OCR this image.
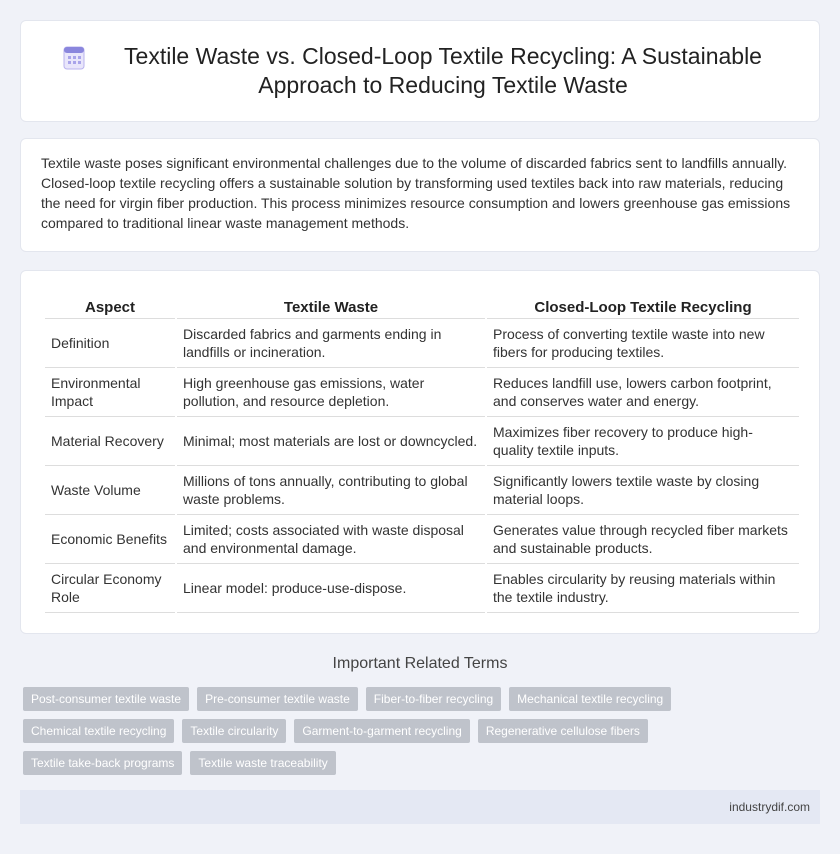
Textile Waste vs. Closed-Loop Textile Recycling: A Sustainable Approach to Reducing Textile Waste

Textile waste poses significant environmental challenges due to the volume of discarded fabrics sent to landfills annually. Closed-loop textile recycling offers a sustainable solution by transforming used textiles back into raw materials, reducing the need for virgin fiber production. This process minimizes resource consumption and lowers greenhouse gas emissions compared to traditional linear waste management methods.

Aspect	Textile Waste	Closed-Loop Textile Recycling
Definition	Discarded fabrics and garments ending in landfills or incineration.	Process of converting textile waste into new fibers for producing textiles.
Environmental Impact	High greenhouse gas emissions, water pollution, and resource depletion.	Reduces landfill use, lowers carbon footprint, and conserves water and energy.
Material Recovery	Minimal; most materials are lost or downcycled.	Maximizes fiber recovery to produce high-quality textile inputs.
Waste Volume	Millions of tons annually, contributing to global waste problems.	Significantly lowers textile waste by closing material loops.
Economic Benefits	Limited; costs associated with waste disposal and environmental damage.	Generates value through recycled fiber markets and sustainable products.
Circular Economy Role	Linear model: produce-use-dispose.	Enables circularity by reusing materials within the textile industry.
Important Related Terms
Post-consumer textile waste	Pre-consumer textile waste	Fiber-to-fiber recycling	Mechanical textile recycling
Chemical textile recycling	Textile circularity	Garment-to-garment recycling	Regenerative cellulose fibers
Textile take-back programs	Textile waste traceability
industrydif.com
